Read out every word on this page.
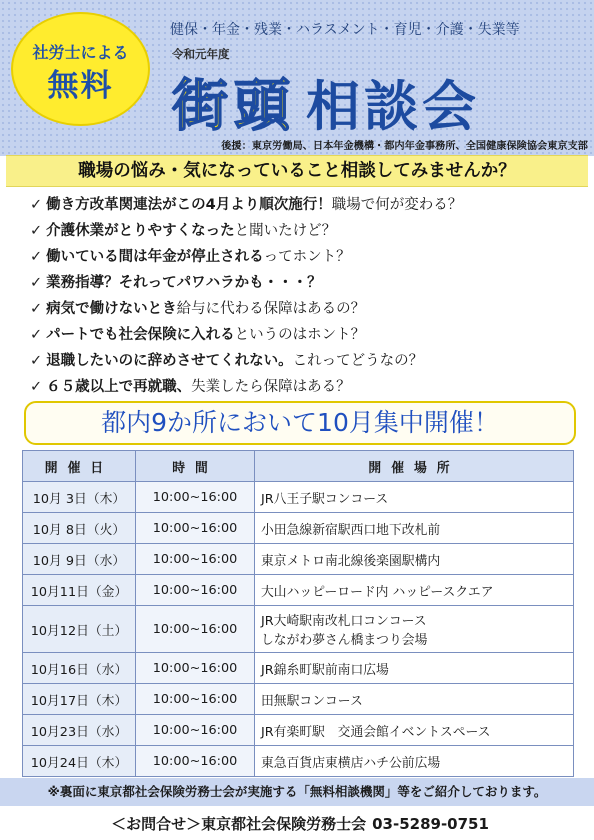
社労士による
無料
健保・年金・残業・ハラスメント・育児・介護・失業等
令和元年度
街頭 相談会
後援：東京労働局、日本年金機構・都内年金事務所、全国健康保険協会東京支部
職場の悩み・気になっていること相談してみませんか？
✓ 働き方改革関連法がこの4月より順次施行！職場で何が変わる？
✓ 介護休業がとりやすくなったと聞いたけど？
✓ 働いている間は年金が停止されるってホント？
✓ 業務指導？それってパワハラかも・・・？
✓ 病気で働けないとき給与に代わる保障はあるの？
✓ パートでも社会保険に入れるというのはホント？
✓ 退職したいのに辞めさせてくれない。これってどうなの？
✓ ６５歳以上で再就職、失業したら保障はある？
都内9か所において10月集中開催！
開催日	時間	開催場所
10月 3日（木）	10:00~16:00	JR八王子駅コンコース
10月 8日（火）	10:00~16:00	小田急線新宿駅西口地下改札前
10月 9日（水）	10:00~16:00	東京メトロ南北線後楽園駅構内
10月11日（金）	10:00~16:00	大山ハッピーロード内 ハッピースクエア
10月12日（土）	10:00~16:00	JR大崎駅南改札口コンコース
しながわ夢さん橋まつり会場

10月16日（水）	10:00~16:00	JR錦糸町駅前南口広場
10月17日（木）	10:00~16:00	田無駅コンコース
10月23日（水）	10:00~16:00	JR有楽町駅　交通会館イベントスペース
10月24日（木）	10:00~16:00	東急百貨店東横店ハチ公前広場
※裏面に東京都社会保険労務士会が実施する「無料相談機関」等をご紹介しております。
＜お問合せ＞東京都社会保険労務士会 03-5289-0751
